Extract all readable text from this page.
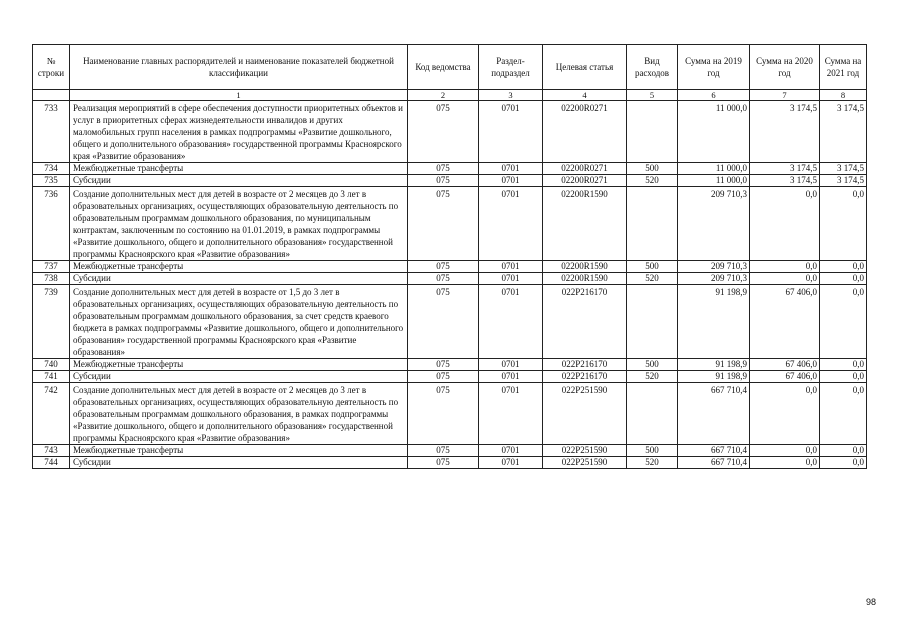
№ строки	Наименование главных распорядителей и наименование показателей бюджетной классификации	Код ведомства	Раздел-подраздел	Целевая статья	Вид расходов	Сумма на 2019 год	Сумма на 2020 год	Сумма на 2021 год
	1	2	3	4	5	6	7	8
733	Реализация мероприятий в сфере обеспечения доступности приоритетных объектов и услуг в приоритетных сферах жизнедеятельности инвалидов и других маломобильных групп населения в рамках подпрограммы «Развитие дошкольного, общего и дополнительного образования» государственной программы Красноярского края «Развитие образования»	075	0701	02200R0271		11 000,0	3 174,5	3 174,5
734	Межбюджетные трансферты	075	0701	02200R0271	500	11 000,0	3 174,5	3 174,5
735	Субсидии	075	0701	02200R0271	520	11 000,0	3 174,5	3 174,5
736	Создание дополнительных мест для детей в возрасте от 2 месяцев до 3 лет в образовательных организациях, осуществляющих образовательную деятельность по образовательным программам дошкольного образования, по муниципальным контрактам, заключенным по состоянию на 01.01.2019, в рамках подпрограммы «Развитие дошкольного, общего и дополнительного образования» государственной программы Красноярского края «Развитие образования»	075	0701	02200R1590		209 710,3	0,0	0,0
737	Межбюджетные трансферты	075	0701	02200R1590	500	209 710,3	0,0	0,0
738	Субсидии	075	0701	02200R1590	520	209 710,3	0,0	0,0
739	Создание дополнительных мест для детей в возрасте от 1,5 до 3 лет в образовательных организациях, осуществляющих образовательную деятельность по образовательным программам дошкольного образования, за счет средств краевого бюджета в рамках подпрограммы «Развитие дошкольного, общего и дополнительного образования» государственной программы Красноярского края «Развитие образования»	075	0701	022P216170		91 198,9	67 406,0	0,0
740	Межбюджетные трансферты	075	0701	022P216170	500	91 198,9	67 406,0	0,0
741	Субсидии	075	0701	022P216170	520	91 198,9	67 406,0	0,0
742	Создание дополнительных мест для детей в возрасте от 2 месяцев до 3 лет в образовательных организациях, осуществляющих образовательную деятельность по образовательным программам дошкольного образования, в рамках подпрограммы «Развитие дошкольного, общего и дополнительного образования» государственной программы Красноярского края «Развитие образования»	075	0701	022P251590		667 710,4	0,0	0,0
743	Межбюджетные трансферты	075	0701	022P251590	500	667 710,4	0,0	0,0
744	Субсидии	075	0701	022P251590	520	667 710,4	0,0	0,0
98
